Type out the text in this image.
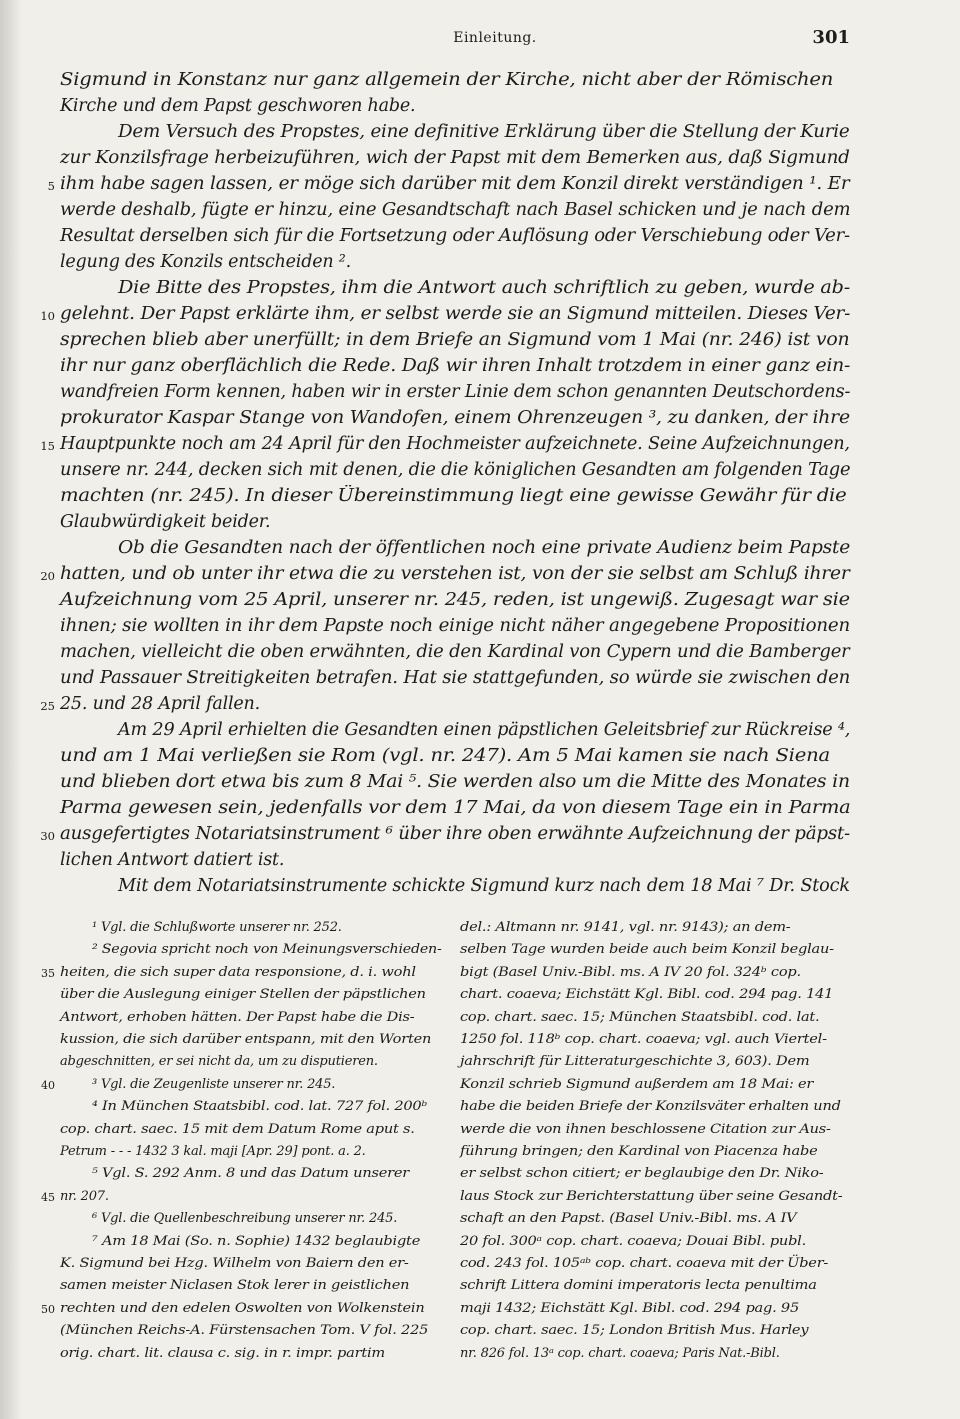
Einleitung.	301
Sigmund in Konstanz nur ganz allgemein der Kirche, nicht aber der Römischen
Kirche und dem Papst geschworen habe.
Dem Versuch des Propstes, eine definitive Erklärung über die Stellung der Kurie
zur Konzilsfrage herbeizuführen, wich der Papst mit dem Bemerken aus, daß Sigmund
ihm habe sagen lassen, er möge sich darüber mit dem Konzil direkt verständigen ¹. Er
werde deshalb, fügte er hinzu, eine Gesandtschaft nach Basel schicken und je nach dem
Resultat derselben sich für die Fortsetzung oder Auflösung oder Verschiebung oder Ver-
legung des Konzils entscheiden ².
Die Bitte des Propstes, ihm die Antwort auch schriftlich zu geben, wurde ab-
gelehnt. Der Papst erklärte ihm, er selbst werde sie an Sigmund mitteilen. Dieses Ver-
sprechen blieb aber unerfüllt; in dem Briefe an Sigmund vom 1 Mai (nr. 246) ist von
ihr nur ganz oberflächlich die Rede. Daß wir ihren Inhalt trotzdem in einer ganz ein-
wandfreien Form kennen, haben wir in erster Linie dem schon genannten Deutschordens-
prokurator Kaspar Stange von Wandofen, einem Ohrenzeugen ³, zu danken, der ihre
Hauptpunkte noch am 24 April für den Hochmeister aufzeichnete. Seine Aufzeichnungen,
unsere nr. 244, decken sich mit denen, die die königlichen Gesandten am folgenden Tage
machten (nr. 245). In dieser Übereinstimmung liegt eine gewisse Gewähr für die
Glaubwürdigkeit beider.
Ob die Gesandten nach der öffentlichen noch eine private Audienz beim Papste
hatten, und ob unter ihr etwa die zu verstehen ist, von der sie selbst am Schluß ihrer
Aufzeichnung vom 25 April, unserer nr. 245, reden, ist ungewiß. Zugesagt war sie
ihnen; sie wollten in ihr dem Papste noch einige nicht näher angegebene Propositionen
machen, vielleicht die oben erwähnten, die den Kardinal von Cypern und die Bamberger
und Passauer Streitigkeiten betrafen. Hat sie stattgefunden, so würde sie zwischen den
25. und 28 April fallen.
Am 29 April erhielten die Gesandten einen päpstlichen Geleitsbrief zur Rückreise ⁴,
und am 1 Mai verließen sie Rom (vgl. nr. 247). Am 5 Mai kamen sie nach Siena
und blieben dort etwa bis zum 8 Mai ⁵. Sie werden also um die Mitte des Monates in
Parma gewesen sein, jedenfalls vor dem 17 Mai, da von diesem Tage ein in Parma
ausgefertigtes Notariatsinstrument ⁶ über ihre oben erwähnte Aufzeichnung der päpst-
lichen Antwort datiert ist.
Mit dem Notariatsinstrumente schickte Sigmund kurz nach dem 18 Mai ⁷ Dr. Stock
5
10
15
20
25
30
¹ Vgl. die Schlußworte unserer nr. 252.
² Segovia spricht noch von Meinungsverschieden-
heiten, die sich super data responsione, d. i. wohl
über die Auslegung einiger Stellen der päpstlichen
Antwort, erhoben hätten. Der Papst habe die Dis-
kussion, die sich darüber entspann, mit den Worten
abgeschnitten, er sei nicht da, um zu disputieren.
³ Vgl. die Zeugenliste unserer nr. 245.
⁴ In München Staatsbibl. cod. lat. 727 fol. 200ᵇ
cop. chart. saec. 15 mit dem Datum Rome aput s.
Petrum - - - 1432 3 kal. maji [Apr. 29] pont. a. 2.
⁵ Vgl. S. 292 Anm. 8 und das Datum unserer
nr. 207.
⁶ Vgl. die Quellenbeschreibung unserer nr. 245.
⁷ Am 18 Mai (So. n. Sophie) 1432 beglaubigte
K. Sigmund bei Hzg. Wilhelm von Baiern den er-
samen meister Niclasen Stok lerer in geistlichen
rechten und den edelen Oswolten von Wolkenstein
(München Reichs-A. Fürstensachen Tom. V fol. 225
orig. chart. lit. clausa c. sig. in r. impr. partim
35
40
45
50
del.: Altmann nr. 9141, vgl. nr. 9143); an dem-
selben Tage wurden beide auch beim Konzil beglau-
bigt (Basel Univ.-Bibl. ms. A IV 20 fol. 324ᵇ cop.
chart. coaeva; Eichstätt Kgl. Bibl. cod. 294 pag. 141
cop. chart. saec. 15; München Staatsbibl. cod. lat.
1250 fol. 118ᵇ cop. chart. coaeva; vgl. auch Viertel-
jahrschrift für Litteraturgeschichte 3, 603). Dem
Konzil schrieb Sigmund außerdem am 18 Mai: er
habe die beiden Briefe der Konzilsväter erhalten und
werde die von ihnen beschlossene Citation zur Aus-
führung bringen; den Kardinal von Piacenza habe
er selbst schon citiert; er beglaubige den Dr. Niko-
laus Stock zur Berichterstattung über seine Gesandt-
schaft an den Papst. (Basel Univ.-Bibl. ms. A IV
20 fol. 300ᵃ cop. chart. coaeva; Douai Bibl. publ.
cod. 243 fol. 105ᵃᵇ cop. chart. coaeva mit der Über-
schrift Littera domini imperatoris lecta penultima
maji 1432; Eichstätt Kgl. Bibl. cod. 294 pag. 95
cop. chart. saec. 15; London British Mus. Harley
nr. 826 fol. 13ᵃ cop. chart. coaeva; Paris Nat.-Bibl.
